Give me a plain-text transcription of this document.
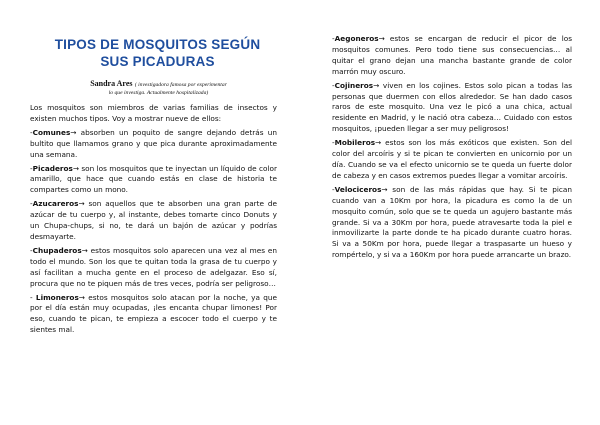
TIPOS DE MOSQUITOS SEGÚN
SUS PICADURAS
Sandra Ares ( investigadora famosa por experimentar
lo que investiga. Actualmente hospitalizada)

Los mosquitos son miembros de varias familias de insectos y existen muchos tipos. Voy a mostrar nueve de ellos:

-Comunes→ absorben un poquito de sangre dejando detrás un bultito que llamamos grano y que pica durante aproximadamente una semana.

-Picaderos→ son los mosquitos que te inyectan un líquido de color amarillo, que hace que cuando estás en clase de historia te compartes como un mono.

-Azucareros→ son aquellos que te absorben una gran parte de azúcar de tu cuerpo y, al instante, debes tomarte cinco Donuts y un Chupa-chups, si no, te dará un bajón de azúcar y podrías desmayarte.

-Chupaderos→ estos mosquitos solo aparecen una vez al mes en todo el mundo. Son los que te quitan toda la grasa de tu cuerpo y así facilitan a mucha gente en el proceso de adelgazar. Eso sí, procura que no te piquen más de tres veces, podría ser peligroso…

- Limoneros→ estos mosquitos solo atacan por la noche, ya que por el día están muy ocupadas, ¡les encanta chupar limones! Por eso, cuando te pican, te empieza a escocer todo el cuerpo y te sientes mal.

-Aegoneros→ estos se encargan de reducir el picor de los mosquitos comunes. Pero todo tiene sus consecuencias… al quitar el grano dejan una mancha bastante grande de color marrón muy oscuro.

-Cojineros→ viven en los cojines. Estos solo pican a todas las personas que duermen con ellos alrededor. Se han dado casos raros de este mosquito. Una vez le picó a una chica, actual residente en Madrid, y le nació otra cabeza… Cuidado con estos mosquitos, ¡pueden llegar a ser muy peligrosos!

-Mobileros→ estos son los más exóticos que existen. Son del color del arcoíris y si te pican te convierten en unicornio por un día. Cuando se va el efecto unicornio se te queda un fuerte dolor de cabeza y en casos extremos puedes llegar a vomitar arcoíris.

-Velociceros→ son de las más rápidas que hay. Si te pican cuando van a 10Km por hora, la picadura es como la de un mosquito común, solo que se te queda un agujero bastante más grande. Si va a 30Km por hora, puede atravesarte toda la piel e inmovilizarte la parte donde te ha picado durante cuatro horas. Si va a 50Km por hora, puede llegar a traspasarte un hueso y rompértelo, y si va a 160Km por hora puede arrancarte un brazo.
